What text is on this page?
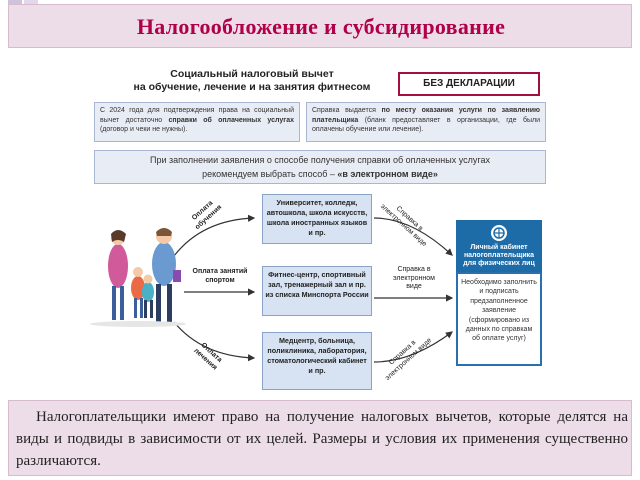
Налогообложение и субсидирование
Социальный налоговый вычет
на обучение, лечение и на занятия фитнесом	БЕЗ ДЕКЛАРАЦИИ
С 2024 года для подтверждения права на социальный вычет достаточно справки об оплаченных услугах (договор и чеки не нужны).
Справка выдается по месту оказания услуги по заявлению плательщика (бланк предоставляет в организации, где были оплачены обучение или лечение).
При заполнении заявления о способе получения справки об оплаченных услугах
рекомендуем выбрать способ – «в электронном виде»
Оплата обучения
Оплата занятий спортом
Оплата лечения
Университет, колледж, автошкола, школа искусств, школа иностранных языков и пр.
Фитнес-центр, спортивный зал, тренажерный зал и пр. из списка Минспорта России
Медцентр, больница, поликлиника, лаборатория, стоматологический кабинет и пр.
Справка в электронном виде
Справка в электронном виде
Справка в электронном виде
Личный кабинет налогоплательщика для физических лиц
Необходимо заполнить и подписать предзаполненное заявление (сформировано из данных по справкам об оплате услуг)
Налогоплательщики имеют право на получение налоговых вычетов, которые делятся на виды и подвиды в зависимости от их целей. Размеры и условия их применения существенно различаются.
